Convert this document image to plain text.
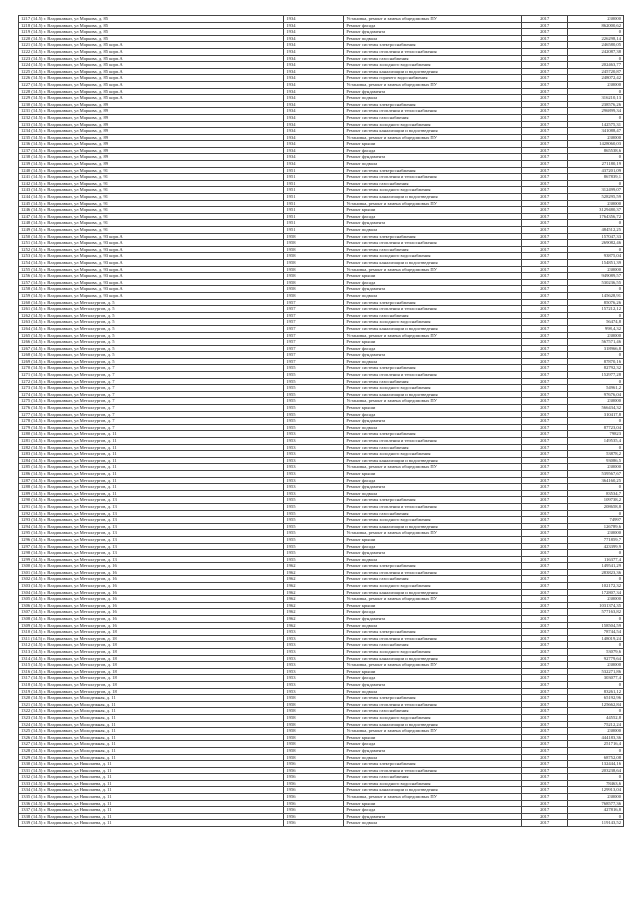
1217 (14.5) г. Владикавказ, ул Маркова, д. 85	1934	Установка, ремонт и замена общедомовых ПУ	2017	230000
1218 (14.5) г. Владикавказ, ул Маркова, д. 85	1934	Ремонт фасада	2017	862000,62
1219 (14.5) г. Владикавказ, ул Маркова, д. 85	1934	Ремонт фундамента	2017	0
1220 (14.5) г. Владикавказ, ул Маркова, д. 85	1934	Ремонт подвала	2017	226298,14
1221 (14.5) г. Владикавказ, ул Маркова, д. 85 корп.А	1934	Ремонт системы электроснабжения	2017	246580,05
1222 (14.5) г. Владикавказ, ул Маркова, д. 85 корп.А	1934	Ремонт системы отопления и теплоснабжения	2017	242087,38
1223 (14.5) г. Владикавказ, ул Маркова, д. 85 корп.А	1934	Ремонт системы газоснабжения	2017	0
1224 (14.5) г. Владикавказ, ул Маркова, д. 85 корп.А	1934	Ремонт системы холодного водоснабжения	2017	202463,77
1225 (14.5) г. Владикавказ, ул Маркова, д. 85 корп.А	1934	Ремонт системы канализации и водоотведения	2017	245720,87
1226 (14.5) г. Владикавказ, ул Маркова, д. 85 корп.А	1934	Ремонт системы горячего водоснабжения	2017	248072,42
1227 (14.5) г. Владикавказ, ул Маркова, д. 85 корп.А	1934	Установка, ремонт и замена общедомовых ПУ	2017	230000
1228 (14.5) г. Владикавказ, ул Маркова, д. 85 корп.А	1934	Ремонт фундамента	2017	0
1229 (14.5) г. Владикавказ, ул Маркова, д. 85 корп.А	1934	Ремонт подвала	2017	316210,13
1230 (14.5) г. Владикавказ, ул Маркова, д. 89	1934	Ремонт системы электроснабжения	2017	238576,26
1231 (14.5) г. Владикавказ, ул Маркова, д. 89	1934	Ремонт системы отопления и теплоснабжения	2017	296899,34
1232 (14.5) г. Владикавказ, ул Маркова, д. 89	1934	Ремонт системы газоснабжения	2017	0
1233 (14.5) г. Владикавказ, ул Маркова, д. 89	1934	Ремонт системы холодного водоснабжения	2017	142575,31
1234 (14.5) г. Владикавказ, ул Маркова, д. 89	1934	Ремонт системы канализации и водоотведения	2017	341088,47
1235 (14.5) г. Владикавказ, ул Маркова, д. 89	1934	Установка, ремонт и замена общедомовых ПУ	2017	230000
1236 (14.5) г. Владикавказ, ул Маркова, д. 89	1934	Ремонт крыши	2017	1428060,03
1237 (14.5) г. Владикавказ, ул Маркова, д. 89	1934	Ремонт фасада	2017	865538,6
1238 (14.5) г. Владикавказ, ул Маркова, д. 89	1934	Ремонт фундамента	2017	0
1239 (14.5) г. Владикавказ, ул Маркова, д. 89	1934	Ремонт подвала	2017	271180,19
1240 (14.5) г. Владикавказ, ул Маркова, д. 91	1951	Ремонт системы электроснабжения	2017	437201,09
1241 (14.5) г. Владикавказ, ул Маркова, д. 91	1951	Ремонт системы отопления и теплоснабжения	2017	867839,1
1242 (14.5) г. Владикавказ, ул Маркова, д. 91	1951	Ремонт системы газоснабжения	2017	0
1243 (14.5) г. Владикавказ, ул Маркова, д. 91	1951	Ремонт системы холодного водоснабжения	2017	312499,07
1244 (14.5) г. Владикавказ, ул Маркова, д. 91	1951	Ремонт системы канализации и водоотведения	2017	528295,59
1245 (14.5) г. Владикавказ, ул Маркова, д. 91	1951	Установка, ремонт и замена общедомовых ПУ	2017	230000
1246 (14.5) г. Владикавказ, ул Маркова, д. 91	1951	Ремонт крыши	2017	3129480,37
1247 (14.5) г. Владикавказ, ул Маркова, д. 91	1951	Ремонт фасада	2017	1764356,72
1248 (14.5) г. Владикавказ, ул Маркова, д. 91	1951	Ремонт фундамента	2017	0
1249 (14.5) г. Владикавказ, ул Маркова, д. 91	1951	Ремонт подвала	2017	484512,25
1250 (14.5) г. Владикавказ, ул Маркова, д. 93 корп.А	1958	Ремонт системы электроснабжения	2017	157047,33
1251 (14.5) г. Владикавказ, ул Маркова, д. 93 корп.А	1958	Ремонт системы отопления и теплоснабжения	2017	269082,46
1252 (14.5) г. Владикавказ, ул Маркова, д. 93 корп.А	1958	Ремонт системы газоснабжения	2017	0
1253 (14.5) г. Владикавказ, ул Маркова, д. 93 корп.А	1958	Ремонт системы холодного водоснабжения	2017	93875,04
1254 (14.5) г. Владикавказ, ул Маркова, д. 93 корп.А	1958	Ремонт системы канализации и водоотведения	2017	154851,39
1255 (14.5) г. Владикавказ, ул Маркова, д. 93 корп.А	1958	Установка, ремонт и замена общедомовых ПУ	2017	230000
1256 (14.5) г. Владикавказ, ул Маркова, д. 93 корп.А	1958	Ремонт крыши	2017	949089,57
1257 (14.5) г. Владикавказ, ул Маркова, д. 93 корп.А	1958	Ремонт фасада	2017	530236,55
1258 (14.5) г. Владикавказ, ул Маркова, д. 93 корп.А	1958	Ремонт фундамента	2017	0
1259 (14.5) г. Владикавказ, ул Маркова, д. 93 корп.А	1958	Ремонт подвала	2017	145628,91
1260 (14.5) г. Владикавказ, ул Металлургов, д. 5	1957	Ремонт системы электроснабжения	2017	85076,26
1261 (14.5) г. Владикавказ, ул Металлургов, д. 5	1957	Ремонт системы отопления и теплоснабжения	2017	157212,12
1262 (14.5) г. Владикавказ, ул Металлургов, д. 5	1957	Ремонт системы газоснабжения	2017	0
1263 (14.5) г. Владикавказ, ул Металлургов, д. 5	1957	Ремонт системы холодного водоснабжения	2017	56474,8
1264 (14.5) г. Владикавказ, ул Металлургов, д. 5	1957	Ремонт системы канализации и водоотведения	2017	998,4,32
1265 (14.5) г. Владикавказ, ул Металлургов, д. 5	1957	Установка, ремонт и замена общедомовых ПУ	2017	230000
1266 (14.5) г. Владикавказ, ул Металлургов, д. 5	1957	Ремонт крыши	2017	567571,46
1267 (14.5) г. Владикавказ, ул Металлургов, д. 5	1957	Ремонт фасада	2017	318966,8
1268 (14.5) г. Владикавказ, ул Металлургов, д. 5	1957	Ремонт фундамента	2017	0
1269 (14.5) г. Владикавказ, ул Металлургов, д. 5	1957	Ремонт подвала	2017	87870,16
1270 (14.5) г. Владикавказ, ул Металлургов, д. 7	1955	Ремонт системы электроснабжения	2017	82792,32
1271 (14.5) г. Владикавказ, ул Металлургов, д. 7	1955	Ремонт системы отопления и теплоснабжения	2017	152977,28
1272 (14.5) г. Владикавказ, ул Металлургов, д. 7	1955	Ремонт системы газоснабжения	2017	0
1273 (14.5) г. Владикавказ, ул Металлургов, д. 7	1955	Ремонт системы холодного водоснабжения	2017	54961,2
1274 (14.5) г. Владикавказ, ул Металлургов, д. 7	1955	Ремонт системы канализации и водоотведения	2017	97676,04
1275 (14.5) г. Владикавказ, ул Металлургов, д. 7	1955	Установка, ремонт и замена общедомовых ПУ	2017	230000
1276 (14.5) г. Владикавказ, ул Металлургов, д. 7	1955	Ремонт крыши	2017	566434,32
1277 (14.5) г. Владикавказ, ул Металлургов, д. 7	1955	Ремонт фасада	2017	310417,8
1278 (14.5) г. Владикавказ, ул Металлургов, д. 7	1955	Ремонт фундамента	2017	0
1279 (14.5) г. Владикавказ, ул Металлургов, д. 7	1955	Ремонт подвала	2017	87723,04
1280 (14.5) г. Владикавказ, ул Металлургов, д. 11	1953	Ремонт системы электроснабжения	2017	79823
1281 (14.5) г. Владикавказ, ул Металлургов, д. 11	1953	Ремонт системы отопления и теплоснабжения	2017	149535,4
1282 (14.5) г. Владикавказ, ул Металлургов, д. 11	1953	Ремонт системы газоснабжения	2017	0
1283 (14.5) г. Владикавказ, ул Металлургов, д. 11	1953	Ремонт системы холодного водоснабжения	2017	53878,2
1284 (14.5) г. Владикавказ, ул Металлургов, д. 11	1953	Ремонт системы канализации и водоотведения	2017	93086,5
1285 (14.5) г. Владикавказ, ул Металлургов, д. 11	1953	Установка, ремонт и замена общедомовых ПУ	2017	230000
1286 (14.5) г. Владикавказ, ул Металлургов, д. 11	1953	Ремонт крыши	2017	539567,67
1287 (14.5) г. Владикавказ, ул Металлургов, д. 11	1953	Ремонт фасада	2017	364160,25
1288 (14.5) г. Владикавказ, ул Металлургов, д. 11	1953	Ремонт фундамента	2017	0
1289 (14.5) г. Владикавказ, ул Металлургов, д. 11	1953	Ремонт подвала	2017	83534,7
1290 (14.5) г. Владикавказ, ул Металлургов, д. 13	1955	Ремонт системы электроснабжения	2017	109738,2
1291 (14.5) г. Владикавказ, ул Металлургов, д. 13	1955	Ремонт системы отопления и теплоснабжения	2017	208658,8
1292 (14.5) г. Владикавказ, ул Металлургов, д. 13	1955	Ремонт системы газоснабжения	2017	0
1293 (14.5) г. Владикавказ, ул Металлургов, д. 13	1955	Ремонт системы холодного водоснабжения	2017	74997
1294 (14.5) г. Владикавказ, ул Металлургов, д. 13	1955	Ремонт системы канализации и водоотведения	2017	126789,6
1295 (14.5) г. Владикавказ, ул Металлургов, д. 13	1955	Установка, ремонт и замена общедомовых ПУ	2017	230000
1296 (14.5) г. Владикавказ, ул Металлургов, д. 13	1955	Ремонт крыши	2017	771859,7
1297 (14.5) г. Владикавказ, ул Металлургов, д. 13	1955	Ремонт фасада	2017	423399,9
1298 (14.5) г. Владикавказ, ул Металлургов, д. 13	1955	Ремонт фундамента	2017	0
1299 (14.5) г. Владикавказ, ул Металлургов, д. 13	1955	Ремонт подвала	2017	116377,4
1300 (14.5) г. Владикавказ, ул Металлургов, д. 16	1962	Ремонт системы электроснабжения	2017	149541,29
1301 (14.5) г. Владикавказ, ул Металлургов, д. 16	1962	Ремонт системы отопления и теплоснабжения	2017	283823,36
1302 (14.5) г. Владикавказ, ул Металлургов, д. 16	1962	Ремонт системы газоснабжения	2017	0
1303 (14.5) г. Владикавказ, ул Металлургов, д. 16	1962	Ремонт системы холодного водоснабжения	2017	102172,32
1304 (14.5) г. Владикавказ, ул Металлургов, д. 16	1962	Ремонт системы канализации и водоотведения	2017	172807,34
1305 (14.5) г. Владикавказ, ул Металлургов, д. 16	1962	Установка, ремонт и замена общедомовых ПУ	2017	230000
1306 (14.5) г. Владикавказ, ул Металлургов, д. 16	1962	Ремонт крыши	2017	1031374,35
1307 (14.5) г. Владикавказ, ул Металлургов, д. 16	1962	Ремонт фасада	2017	577163,82
1308 (14.5) г. Владикавказ, ул Металлургов, д. 16	1962	Ремонт фундамента	2017	0
1309 (14.5) г. Владикавказ, ул Металлургов, д. 16	1962	Ремонт подвала	2017	158504,59
1310 (14.5) г. Владикавказ, ул Металлургов, д. 18	1953	Ремонт системы электроснабжения	2017	78744,54
1311 (14.5) г. Владикавказ, ул Металлургов, д. 18	1953	Ремонт системы отопления и теплоснабжения	2017	148019,24
1312 (14.5) г. Владикавказ, ул Металлургов, д. 18	1953	Ремонт системы газоснабжения	2017	0
1313 (14.5) г. Владикавказ, ул Металлургов, д. 18	1953	Ремонт системы холодного водоснабжения	2017	53079,6
1314 (14.5) г. Владикавказ, ул Металлургов, д. 18	1953	Ремонт системы канализации и водоотведения	2017	92779,64
1315 (14.5) г. Владикавказ, ул Металлургов, д. 18	1953	Установка, ремонт и замена общедомовых ПУ	2017	230000
1316 (14.5) г. Владикавказ, ул Металлургов, д. 18	1953	Ремонт крыши	2017	532271,86
1317 (14.5) г. Владикавказ, ул Металлургов, д. 18	1953	Ремонт фасада	2017	303077,4
1318 (14.5) г. Владикавказ, ул Металлургов, д. 18	1953	Ремонт фундамента	2017	0
1319 (14.5) г. Владикавказ, ул Металлургов, д. 18	1953	Ремонт подвала	2017	83261,12
1320 (14.5) г. Владикавказ, ул Молодежная, д. 11	1958	Ремонт системы электроснабжения	2017	65192,96
1321 (14.5) г. Владикавказ, ул Молодежная, д. 11	1958	Ремонт системы отопления и теплоснабжения	2017	125662,84
1322 (14.5) г. Владикавказ, ул Молодежная, д. 11	1958	Ремонт системы газоснабжения	2017	0
1323 (14.5) г. Владикавказ, ул Молодежная, д. 11	1958	Ремонт системы холодного водоснабжения	2017	44552,8
1324 (14.5) г. Владикавказ, ул Молодежная, д. 11	1958	Ремонт системы канализации и водоотведения	2017	75212,24
1325 (14.5) г. Владикавказ, ул Молодежная, д. 11	1958	Установка, ремонт и замена общедомовых ПУ	2017	230000
1326 (14.5) г. Владикавказ, ул Молодежная, д. 11	1958	Ремонт крыши	2017	444183,36
1327 (14.5) г. Владикавказ, ул Молодежная, д. 11	1958	Ремонт фасада	2017	251716,4
1328 (14.5) г. Владикавказ, ул Молодежная, д. 11	1958	Ремонт фундамента	2017	0
1329 (14.5) г. Владикавказ, ул Молодежная, д. 11	1958	Ремонт подвала	2017	68752,08
1330 (14.5) г. Владикавказ, ул Николаева, д. 11	1956	Ремонт системы электроснабжения	2017	132444,16
1331 (14.5) г. Владикавказ, ул Николаева, д. 11	1956	Ремонт системы отопления и теплоснабжения	2017	203238,64
1332 (14.5) г. Владикавказ, ул Николаева, д. 11	1956	Ремонт системы газоснабжения	2017	0
1333 (14.5) г. Владикавказ, ул Николаева, д. 11	1956	Ремонт системы холодного водоснабжения	2017	78463,6
1334 (14.5) г. Владикавказ, ул Николаева, д. 11	1956	Ремонт системы канализации и водоотведения	2017	129913,04
1335 (14.5) г. Владикавказ, ул Николаева, д. 11	1956	Установка, ремонт и замена общедомовых ПУ	2017	230000
1336 (14.5) г. Владикавказ, ул Николаева, д. 11	1956	Ремонт крыши	2017	768577,36
1337 (14.5) г. Владикавказ, ул Николаева, д. 11	1956	Ремонт фасада	2017	427816,8
1338 (14.5) г. Владикавказ, ул Николаева, д. 11	1956	Ремонт фундамента	2017	0
1339 (14.5) г. Владикавказ, ул Николаева, д. 11	1956	Ремонт подвала	2017	119143,52
